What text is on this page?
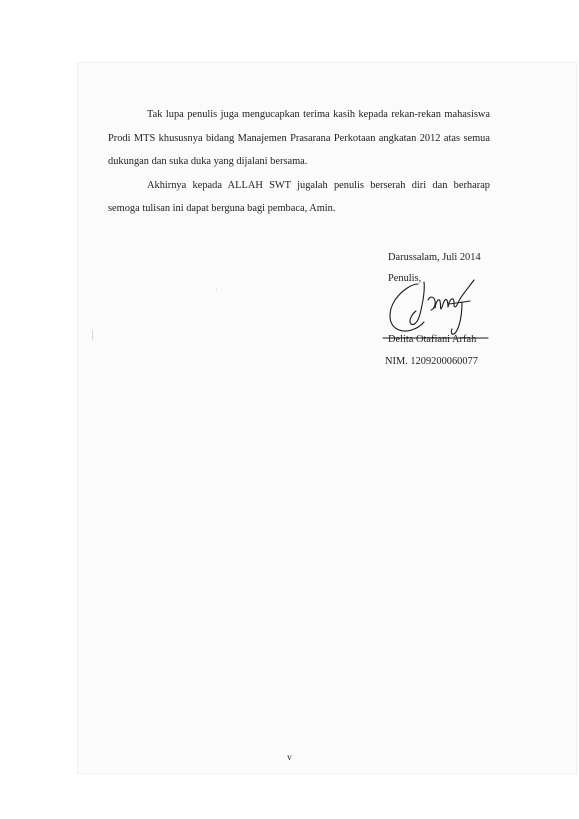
Tak lupa penulis juga mengucapkan terima kasih kepada rekan-rekan mahasiswa Prodi MTS khususnya bidang Manajemen Prasarana Perkotaan angkatan 2012 atas semua dukungan dan suka duka yang dijalani bersama.

Akhirnya kepada ALLAH SWT jugalah penulis berserah diri dan berharap semoga tulisan ini dapat berguna bagi pembaca, Amin.

Darussalam, Juli 2014
Penulis,
Delita Otafiani Arfah
NIM. 1209200060077
v
